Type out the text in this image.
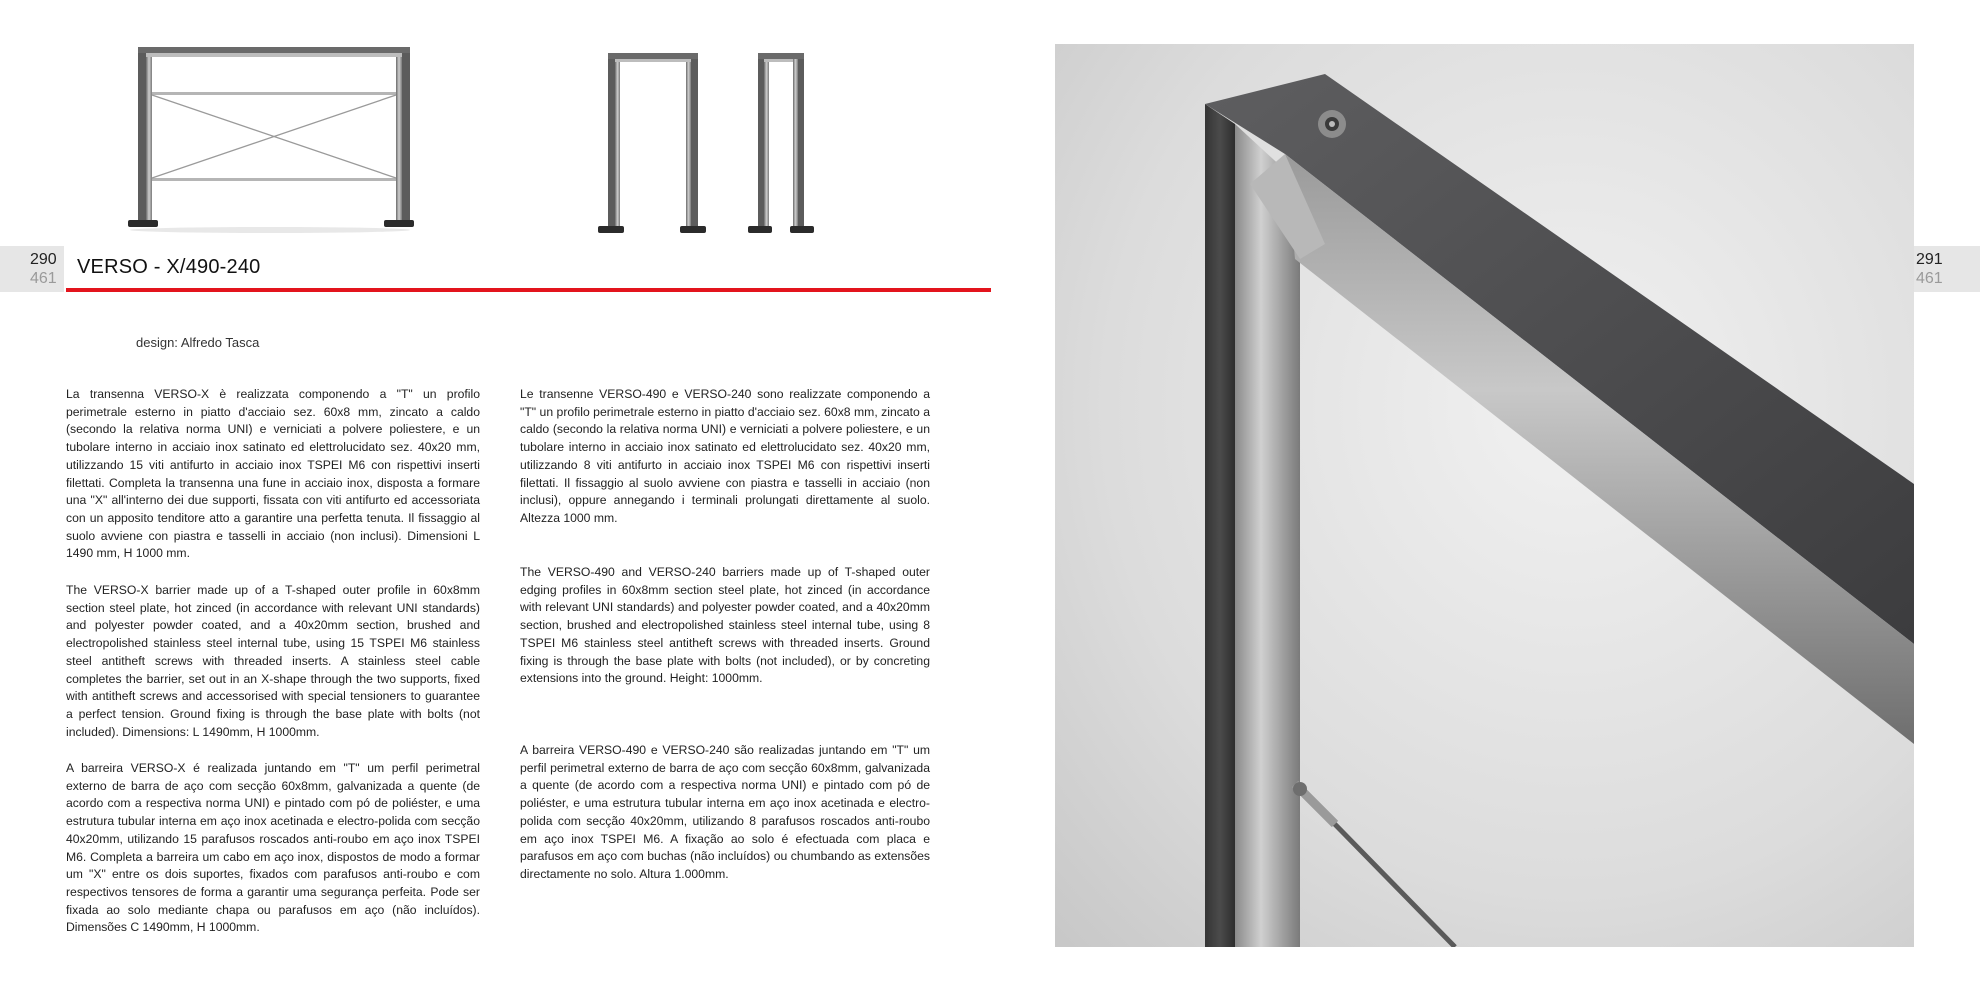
290
461
291
461
VERSO - X/490-240
design: Alfredo Tasca

La transenna VERSO-X è realizzata componendo a "T" un profilo perimetrale esterno in piatto d'acciaio sez. 60x8 mm, zincato a caldo (secondo la relativa norma UNI) e verniciati a polvere poliestere, e un tubolare interno in acciaio inox satinato ed elettrolucidato sez. 40x20 mm, utilizzando 15 viti antifurto in acciaio inox TSPEI M6 con rispettivi inserti filettati. Completa la transenna una fune in acciaio inox, disposta a formare una "X" all'interno dei due supporti, fissata con viti antifurto ed accessoriata con un apposito tenditore atto a garantire una perfetta tenuta. Il fissaggio al suolo avviene con piastra e tasselli in acciaio (non inclusi). Dimensioni L 1490 mm, H 1000 mm.

The VERSO-X barrier made up of a T-shaped outer profile in 60x8mm section steel plate, hot zinced (in accordance with relevant UNI standards) and polyester powder coated, and a 40x20mm section, brushed and electropolished stainless steel internal tube, using 15 TSPEI M6 stainless steel antitheft screws with threaded inserts. A stainless steel cable completes the barrier, set out in an X-shape through the two supports, fixed with antitheft screws and accessorised with special tensioners to guarantee a perfect tension. Ground fixing is through the base plate with bolts (not included). Dimensions: L 1490mm, H 1000mm.

A barreira VERSO-X é realizada juntando em "T" um perfil perimetral externo de barra de aço com secção 60x8mm, galvanizada a quente (de acordo com a respectiva norma UNI) e pintado com pó de poliéster, e uma estrutura tubular interna em aço inox acetinada e electro-polida com secção 40x20mm, utilizando 15 parafusos roscados anti-roubo em aço inox TSPEI M6. Completa a barreira um cabo em aço inox, dispostos de modo a formar um "X" entre os dois suportes, fixados com parafusos anti-roubo e com respectivos tensores de forma a garantir uma segurança perfeita. Pode ser fixada ao solo mediante chapa ou parafusos em aço (não incluídos). Dimensões C 1490mm, H 1000mm.

Le transenne VERSO-490 e VERSO-240 sono realizzate componendo a "T" un profilo perimetrale esterno in piatto d'acciaio sez. 60x8 mm, zincato a caldo (secondo la relativa norma UNI) e verniciati a polvere poliestere, e un tubolare interno in acciaio inox satinato ed elettrolucidato sez. 40x20 mm, utilizzando 8 viti antifurto in acciaio inox TSPEI M6 con rispettivi inserti filettati. Il fissaggio al suolo avviene con piastra e tasselli in acciaio (non inclusi), oppure annegando i terminali prolungati direttamente al suolo. Altezza 1000 mm.

The VERSO-490 and VERSO-240 barriers made up of T-shaped outer edging profiles in 60x8mm section steel plate, hot zinced (in accordance with relevant UNI standards) and polyester powder coated, and a 40x20mm section, brushed and electropolished stainless steel internal tube, using 8 TSPEI M6 stainless steel antitheft screws with threaded inserts. Ground fixing is through the base plate with bolts (not included), or by concreting extensions into the ground. Height: 1000mm.

A barreira VERSO-490 e VERSO-240 são realizadas juntando em "T" um perfil perimetral externo de barra de aço com secção 60x8mm, galvanizada a quente (de acordo com a respectiva norma UNI) e pintado com pó de poliéster, e uma estrutura tubular interna em aço inox acetinada e electro-polida com secção 40x20mm, utilizando 8 parafusos roscados anti-roubo em aço inox TSPEI M6. A fixação ao solo é efectuada com placa e parafusos em aço com buchas (não incluídos) ou chumbando as extensões directamente no solo. Altura 1.000mm.
